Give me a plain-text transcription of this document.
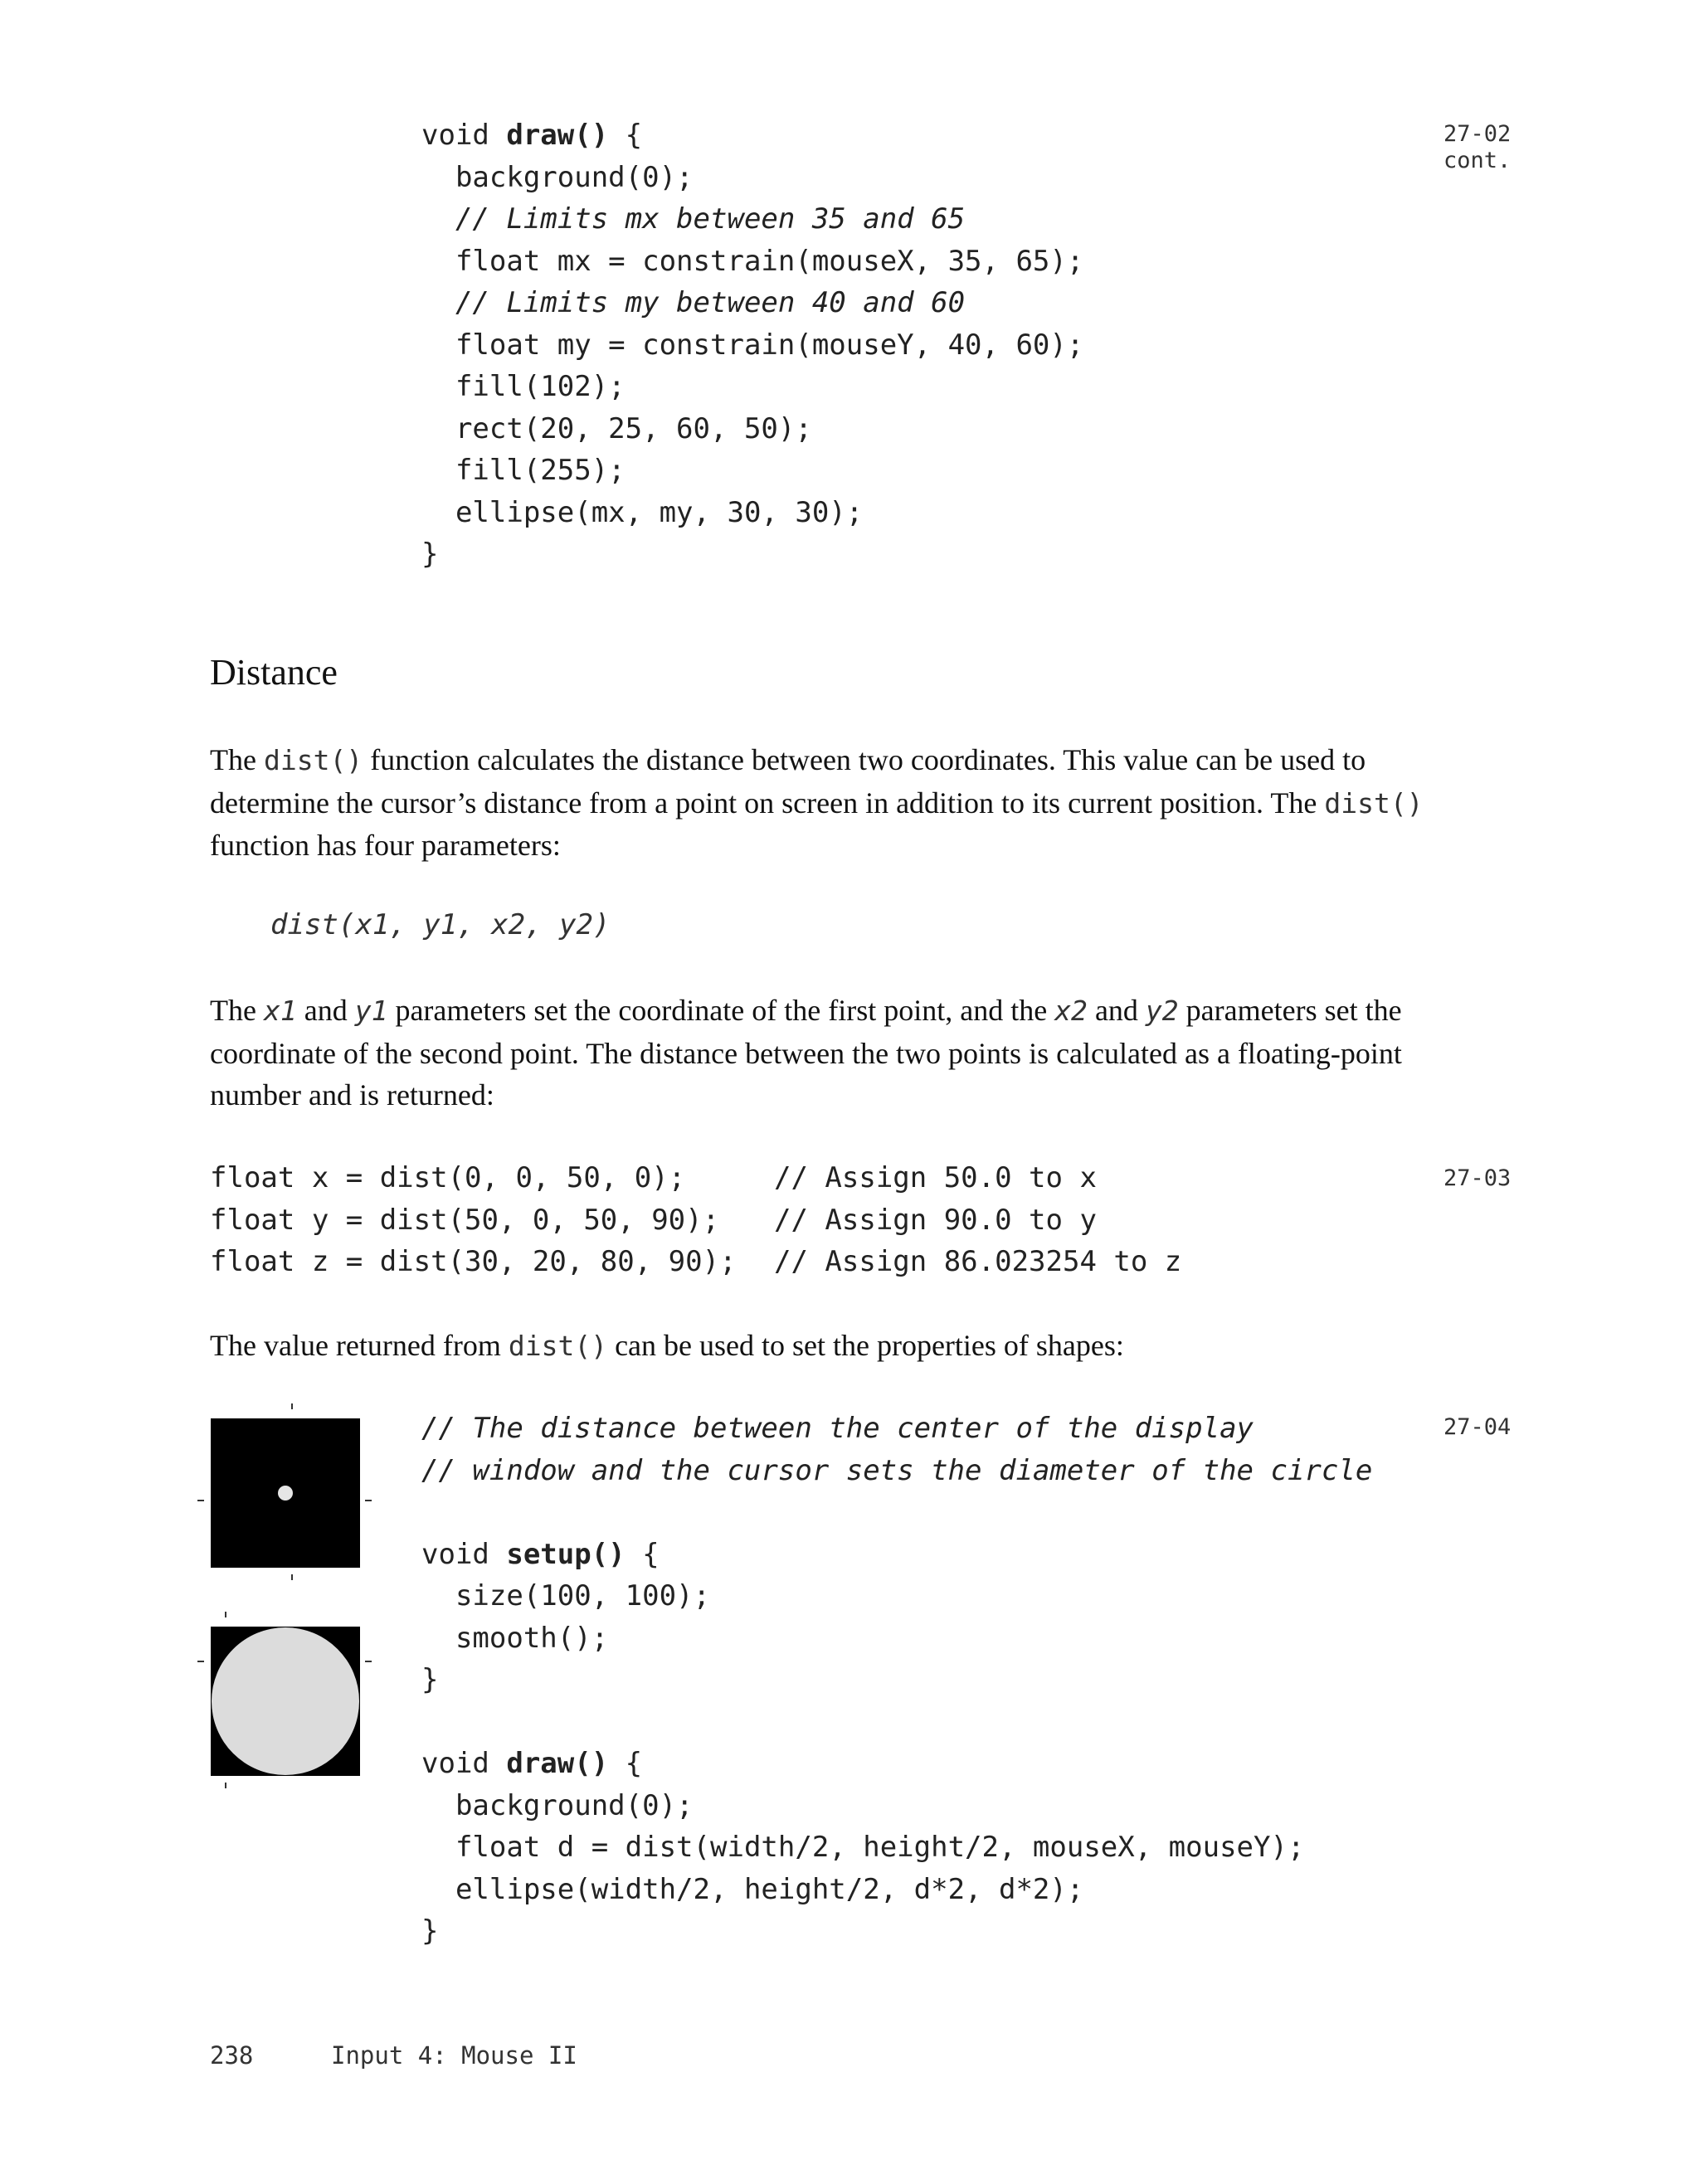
void draw() {
background(0);
// Limits mx between 35 and 65
float mx = constrain(mouseX, 35, 65);
// Limits my between 40 and 60
float my = constrain(mouseY, 40, 60);
fill(102);
rect(20, 25, 60, 50);
fill(255);
ellipse(mx, my, 30, 30);
}
27-02
cont.
Distance
The dist() function calculates the distance between two coordinates. This value can be used to determine the cursor’s distance from a point on screen in addition to its current position. The dist() function has four parameters:
dist(x1, y1, x2, y2)
The x1 and y1 parameters set the coordinate of the first point, and the x2 and y2 parameters set the coordinate of the second point. The distance between the two points is calculated as a floating-point number and is returned:
float x = dist(0, 0, 50, 0);	// Assign 50.0 to x
float y = dist(50, 0, 50, 90); // Assign 90.0 to y
float z = dist(30, 20, 80, 90); // Assign 86.023254 to z
27-03
The value returned from dist() can be used to set the properties of shapes:
// The distance between the center of the display
// window and the cursor sets the diameter of the circle
void setup() {
size(100, 100);
smooth();
}
void draw() {
background(0);
float d = dist(width/2, height/2, mouseX, mouseY);
ellipse(width/2, height/2, d*2, d*2);
}
27-04
238	Input 4: Mouse II
